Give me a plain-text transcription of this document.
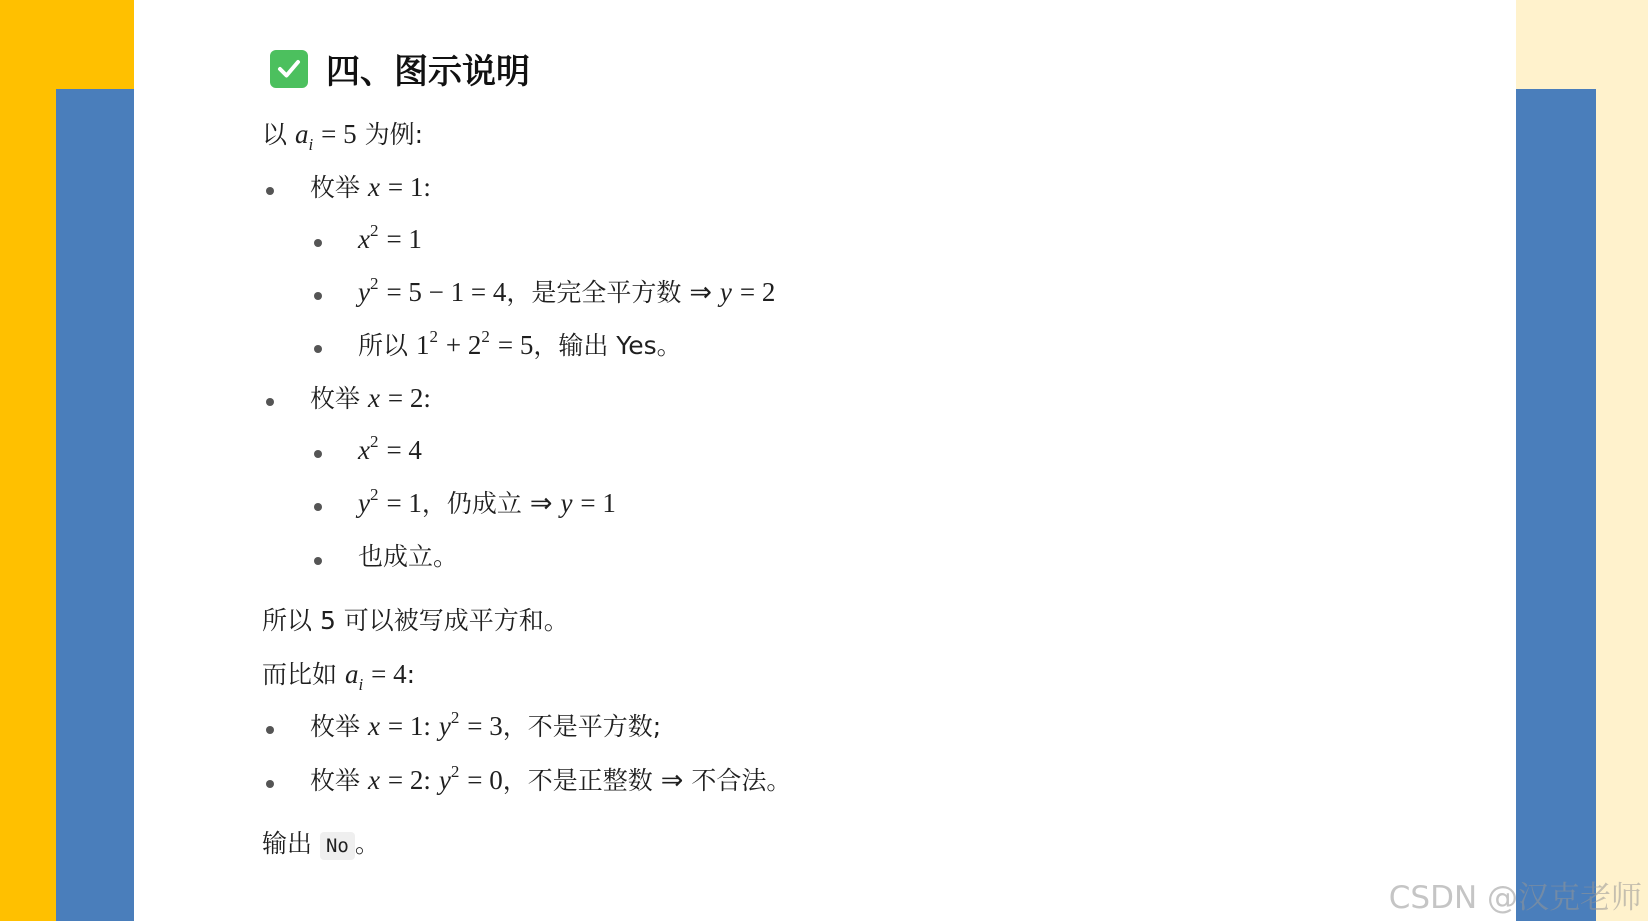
四、图示说明
以 $a_i = 5$ 为例:
枚举 x = 1:
$x^2 = 1$
$y^2 = 5 - 1 = 4$，是完全平方数 ⇒ y = 2
所以 $1^2 + 2^2 = 5$，输出 Yes。
枚举 x = 2:
$x^2 = 4$
$y^2 = 1$，仍成立 ⇒ y = 1
也成立。
所以 5 可以被写成平方和。
而比如 $a_i = 4$:
枚举 x = 1: $y^2 = 3$，不是平方数;
枚举 x = 2: $y^2 = 0$，不是正整数 ⇒ 不合法。
输出 No 。
CSDN @汉克老师
